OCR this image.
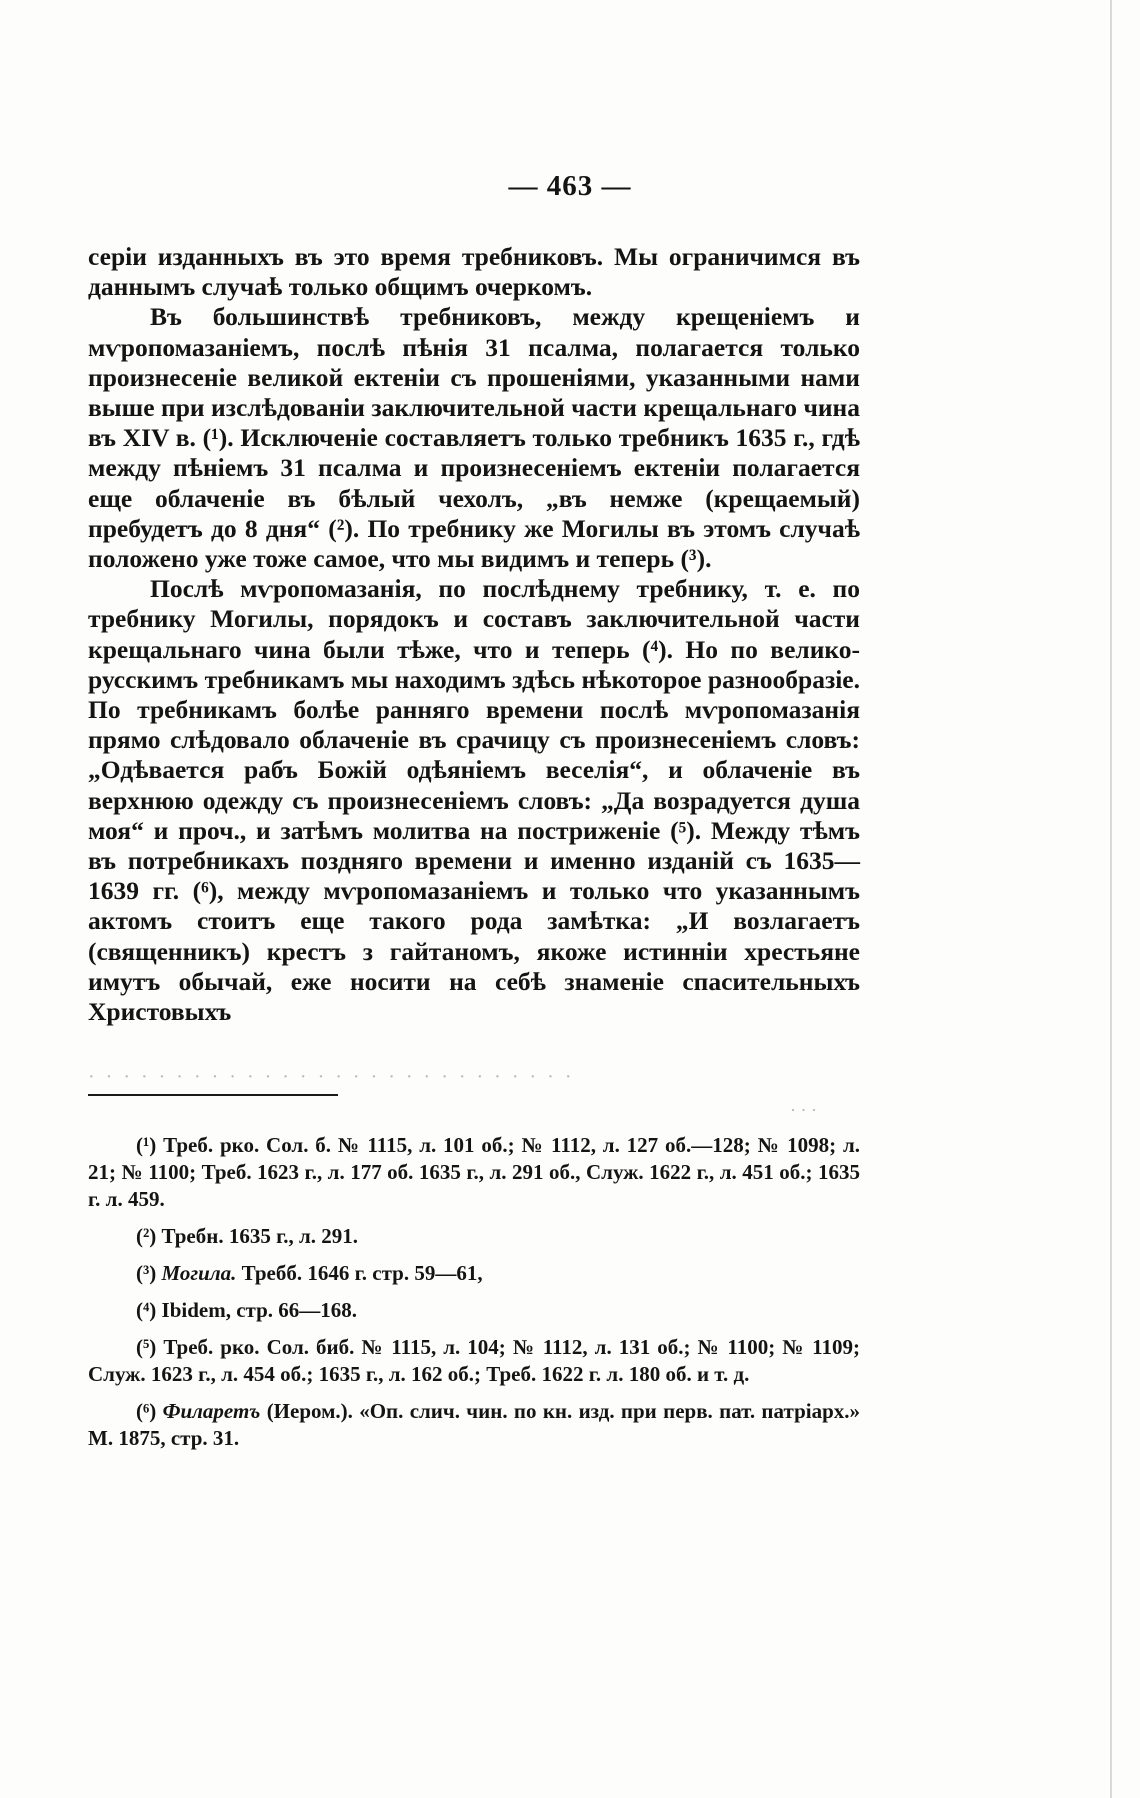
— 463 —

серіи изданныхъ въ это время требниковъ. Мы ограничимся въ даннымъ случаѣ только общимъ очеркомъ.

Въ большинствѣ требниковъ, между крещеніемъ и мѵропомазаніемъ, послѣ пѣнія 31 псалма, полагается только произнесеніе великой ектеніи съ прошеніями, указанными нами выше при изслѣдованіи заключительной части крещальнаго чина въ XIV в. (¹). Исключеніе составляетъ только требникъ 1635 г., гдѣ между пѣніемъ 31 псалма и произнесеніемъ ектеніи полагается еще облаченіе въ бѣлый чехолъ, „въ немже (крещаемый) пребудетъ до 8 дня“ (²). По требнику же Могилы въ этомъ случаѣ положено уже тоже самое, что мы видимъ и теперь (³).

Послѣ мѵропомазанія, по послѣднему требнику, т. е. по требнику Могилы, порядокъ и составъ заключительной части крещальнаго чина были тѣже, что и теперь (⁴). Но по велико-русскимъ требникамъ мы находимъ здѣсь нѣкоторое разнообразіе. По требникамъ болѣе ранняго времени послѣ мѵропомазанія прямо слѣдовало облаченіе въ срачицу съ произнесеніемъ словъ: „Одѣвается рабъ Божій одѣяніемъ веселія“, и облаченіе въ верхнюю одежду съ произнесеніемъ словъ: „Да возрадуется душа моя“ и проч., и затѣмъ молитва на постриженіе (⁵). Между тѣмъ въ потребникахъ поздняго времени и именно изданій съ 1635—1639 гг. (⁶), между мѵропомазаніемъ и только что указаннымъ актомъ стоитъ еще такого рода замѣтка: „И возлагаетъ (священникъ) крестъ з гайтаномъ, якоже истинніи хрестьяне имутъ обычай, еже носити на себѣ знаменіе спасительныхъ Христовыхъ

· · · · · · · · · · · · · · · · · · · · · · · · · · · ·
· · ·

(¹) Треб. рко. Сол. б. № 1115, л. 101 об.; № 1112, л. 127 об.—128; № 1098; л. 21; № 1100; Треб. 1623 г., л. 177 об. 1635 г., л. 291 об., Служ. 1622 г., л. 451 об.; 1635 г. л. 459.

(²) Требн. 1635 г., л. 291.

(³) Могила. Требб. 1646 г. стр. 59—61,

(⁴) Ibidem, стр. 66—168.

(⁵) Треб. рко. Сол. биб. № 1115, л. 104; № 1112, л. 131 об.; № 1100; № 1109; Служ. 1623 г., л. 454 об.; 1635 г., л. 162 об.; Треб. 1622 г. л. 180 об. и т. д.

(⁶) Филаретъ (Иером.). «Оп. слич. чин. по кн. изд. при перв. пат. патріарх.» М. 1875, стр. 31.
